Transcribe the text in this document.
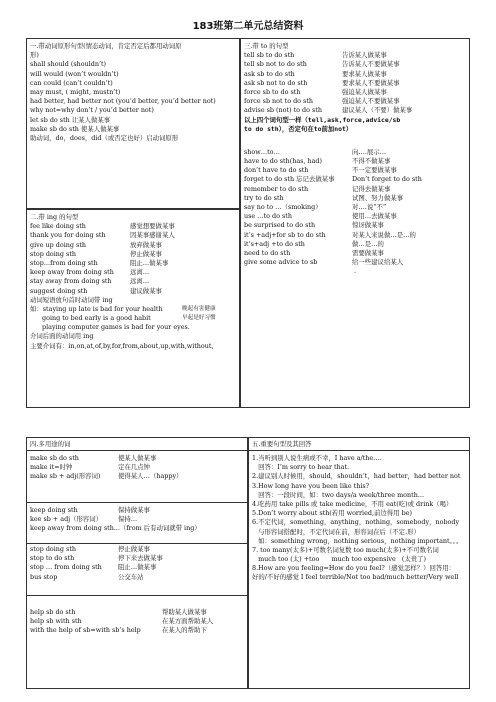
183班第二单元总结资料
一.带动词原形句型(情态动词，肯定否定后都用动词原
形)
shall should (shouldn’t)
will would (won’t wouldn’t)
can could (can’t couldn’t)
may must, ( might, mustn’t)
had better, had better not (you’d better, you’d better not)
why not=why don’t / you’d better not)
let sb do sth 让某人做某事
make sb do sth 使某人做某事
助动词，do，does，did（或否定也好）启动词原形
二.带 ing 的句型
fee like doing sth	感觉想要做某事
thank you for doing sth	因某事感谢某人
give up doing sth	放弃做某事
stop doing sth	停止做某事
stop…from doing sth	阻止…做某事
keep away from doing sth	远离…
stay away from doing sth	远离…
suggest doing sth	建议做某事
动词短语放句首时动词带 ing
如：staying up late is bad for your health	晚起有害健康
going to bed early is a good habit	早起是好习惯
playing computer games is bad for your eyes.
介词后面的动词用 ing
主要介词有：in,on,at,of,by,for,from,about,up,with,without,
三.带 to 的句型
tell sb to do sth	告诉某人做某事
tell sb not to do sth	告诉某人不要做某事
ask sb to do sth	要求某人做某事
ask sb not to do sth	要求某人不要做某事
force sb to do sth	强迫某人做某事
force sb not to do sth	强迫某人不要做某事
advise sb (not) to do sth	建议某人（不要）做某事
以上四个词句型一样（tell,ask,force,advice/sb
to do sth），否定句在to前加not）
show…to…	向….展示…
have to do sth(has, had)	不得不做某事
don’t have to do sth	不一定要做某事
forget to do sth 忘记去做某事	Don’t forget to do sth
remember to do sth	记得去做某事
try to do sth	试图、努力做某事
say no to …（smoking）	对….说“不”
use …to do sth	使用…去做某事
be surprised to do sth	惊讶做某事
it’s +adj+for sb to do sth	对某人来说做…是…的
it’s+adj +to do sth	做…是…的
need to do sth	需要做某事
give some advice to sb	给一些建议给某人
.
四.多用途的词
make sb do sth	使某人做某事
make it=时钟	定在几点钟
make sb + adj(形容词)	使得某人…（happy）
keep doing sth	保持做某事
kee sb + adj（形容词）	保持…
keep away from doing sth...（from 后有动词就带 ing）
stop doing sth	停止做某事
stop to do sth	停下来去做某事
stop … from doing sth	阻止…做某事
bus stop	公交车站
help sb do sth	帮助某人做某事
help sb with sth	在某方面帮助某人
with the help of sb=with sb’s help	在某人的帮助下
五.重要句型及其回答
1.当听到别人说生病或不幸，I have a/the….
回答：I’m sorry to hear that.
2.建议别人时候用，should，shouldn’t，had better，had better not
3.How long have you been like this?
回答：一段时间，如：two days/a week/three month…
4.吃药用 take pills 或 take medicine，不用 eat(吃)或 drink（喝）
5.Don’t worry about sth(若用 worried,前边得用 be)
6.不定代词，something，anything，nothing，somebody，nobody
与形容词搭配时，不定代词在前，形容词在后（不定.形）
如：something wrong，nothing serious，nothing important。。。
7. too many(太多)+可数名词复数 too much(太多)+不可数名词
much too (太) +too      much too expensive   (太贵了)
8.How are you feeling=How do you feel?（感觉怎样？）回答用：
好的/不好的感觉 I feel terrible/Not too bad/much better/Very well
